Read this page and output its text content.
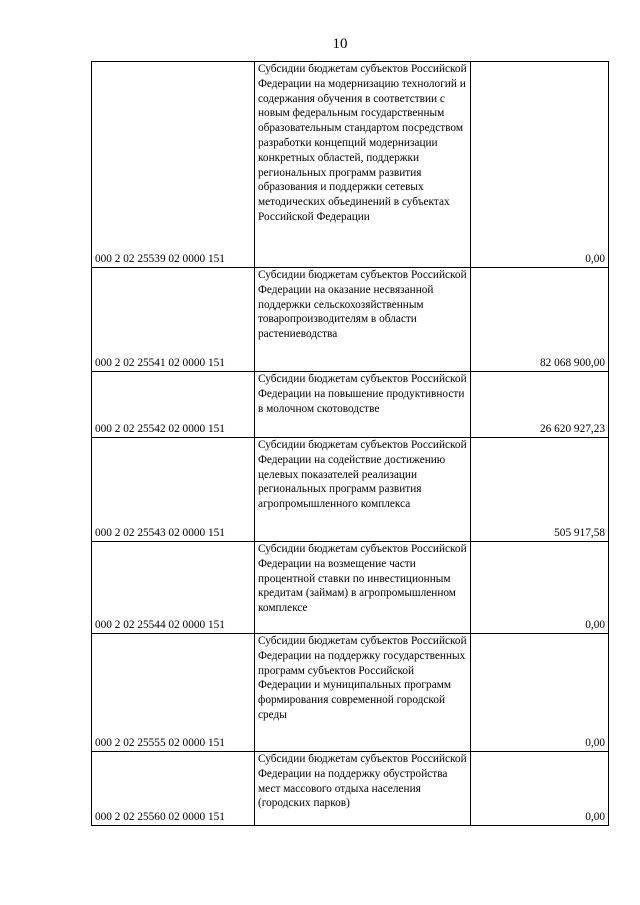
10
000 2 02 25539 02 0000 151	Субсидии бюджетам субъектов Российской Федерации на модернизацию технологий и содержания обучения в соответствии с новым федеральным государственным образовательным стандартом посредством разработки концепций модернизации конкретных областей, поддержки региональных программ развития образования и поддержки сетевых методических объединений в субъектах Российской Федерации	0,00
000 2 02 25541 02 0000 151	Субсидии бюджетам субъектов Российской Федерации на оказание несвязанной поддержки сельскохозяйственным товаропроизводителям в области растениеводства	82 068 900,00
000 2 02 25542 02 0000 151	Субсидии бюджетам субъектов Российской Федерации на повышение продуктивности в молочном скотоводстве	26 620 927,23
000 2 02 25543 02 0000 151	Субсидии бюджетам субъектов Российской Федерации на содействие достижению целевых показателей реализации региональных программ развития агропромышленного комплекса	505 917,58
000 2 02 25544 02 0000 151	Субсидии бюджетам субъектов Российской Федерации на возмещение части процентной ставки по инвестиционным кредитам (займам) в агропромышленном комплексе	0,00
000 2 02 25555 02 0000 151	Субсидии бюджетам субъектов Российской Федерации на поддержку государственных программ субъектов Российской Федерации и муниципальных программ формирования современной городской среды	0,00
000 2 02 25560 02 0000 151	Субсидии бюджетам субъектов Российской Федерации на поддержку обустройства мест массового отдыха населения (городских парков)	0,00
